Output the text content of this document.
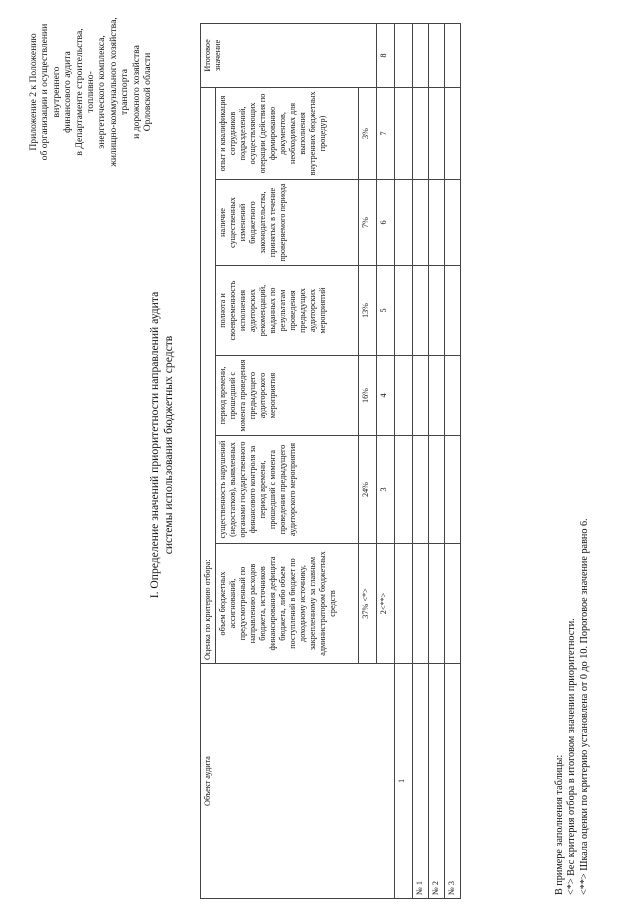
Приложение 2 к Положению об организации и осуществлении внутреннего финансового аудита в Департаменте строительства, топливно- энергетического комплекса, жилищно-коммунального хозяйства, транспорта и дорожного хозяйства Орловской области
I. Определение значений приоритетности направлений аудита системы использования бюджетных средств
Объект аудита	Оценка по критерию отбора:						Итоговое значение
	объем бюджетных ассигнований, предусмотренный по направлению расходов бюджета, источников финансирования дефицита бюджета, либо объем поступлений в бюджет по доходному источнику, закрепленному за главным администратором бюджетных средств	существенность нарушений (недостатков), выявленных органами государственного финансового контроля за период времени, прошедший с момента проведения предыдущего аудиторского мероприятия	период времени, прошедший с момента проведения предыдущего аудиторского мероприятия	полнота и своевременность исполнения аудиторских рекомендаций, выданных по результатам проведения предыдущих аудиторских мероприятий	наличие существенных изменений бюджетного законодательства, принятых в течение проверяемого периода	опыт и квалификация сотрудников подразделений, осуществляющих операции (действия по формированию документов, необходимых для выполнения внутренних бюджетных процедур)	
	37% <*>	24%	16%	13%	7%	3%	
	2<**>	3	4	5	6	7	8
1							
№ 1							
№ 2							
№ 3								В примере заполнения таблицы: <*> Вес критерия отбора в итоговом значении приоритетности. <**> Шкала оценки по критерию установлена от 0 до 10. Пороговое значение равно 6.
